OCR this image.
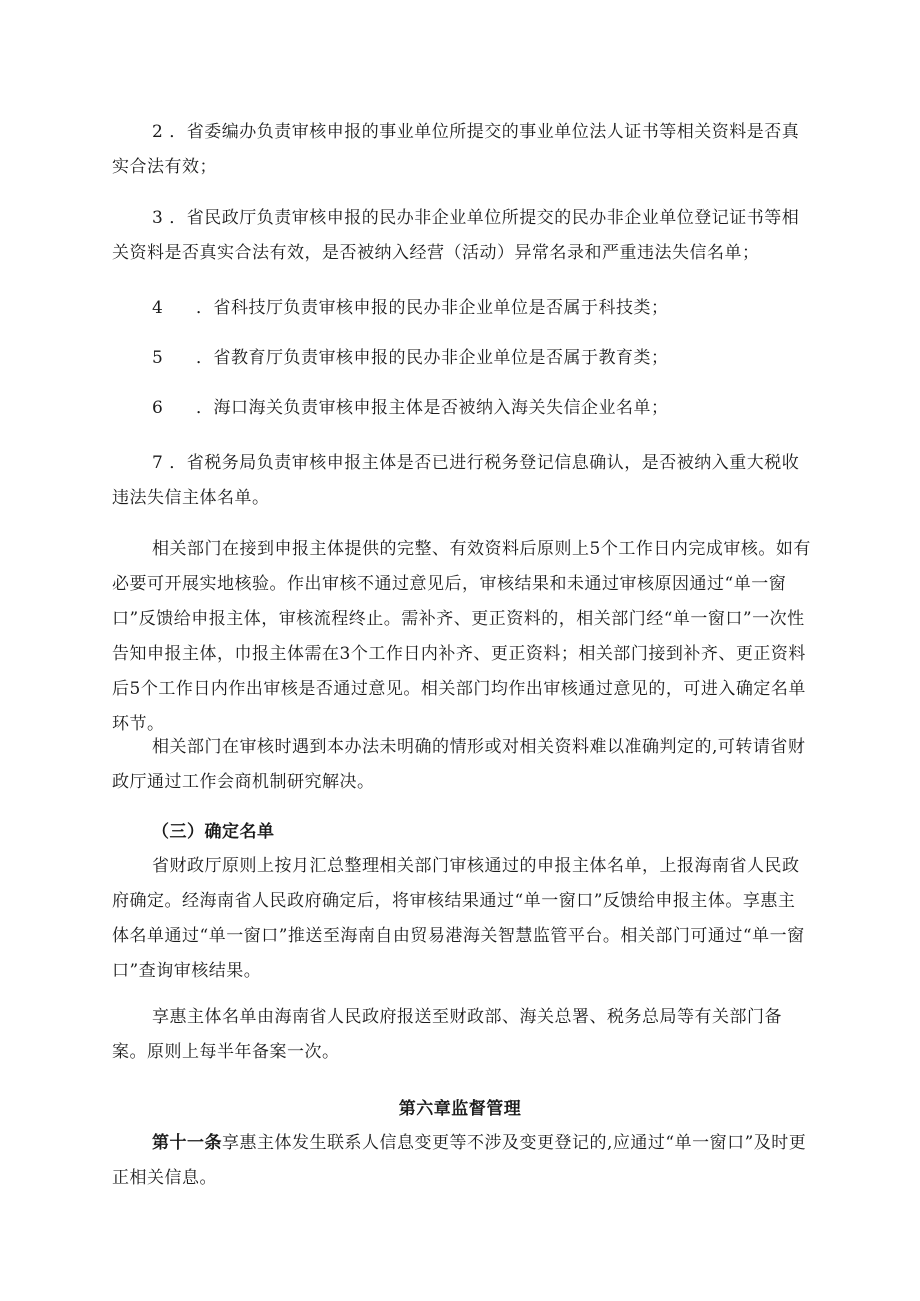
2 ．省委编办负责审核申报的事业单位所提交的事业单位法人证书等相关资料是否真实合法有效；

3 ．省民政厅负责审核申报的民办非企业单位所提交的民办非企业单位登记证书等相关资料是否真实合法有效，是否被纳入经营（活动）异常名录和严重违法失信名单；

4 ．省科技厅负责审核申报的民办非企业单位是否属于科技类；
5 ．省教育厅负责审核申报的民办非企业单位是否属于教育类；
6 ．海口海关负责审核申报主体是否被纳入海关失信企业名单；

7 ．省税务局负责审核申报主体是否已进行税务登记信息确认，是否被纳入重大税收违法失信主体名单。

相关部门在接到申报主体提供的完整、有效资料后原则上5个工作日内完成审核。如有必要可开展实地核验。作出审核不通过意见后，审核结果和未通过审核原因通过“单一窗口”反馈给申报主体，审核流程终止。需补齐、更正资料的，相关部门经“单一窗口”一次性告知申报主体，巾报主体需在3个工作日内补齐、更正资料；相关部门接到补齐、更正资料后5个工作日内作出审核是否通过意见。相关部门均作出审核通过意见的，可进入确定名单环节。

相关部门在审核时遇到本办法未明确的情形或对相关资料难以准确判定的,可转请省财政厅通过工作会商机制研究解决。

（三）确定名单

省财政厅原则上按月汇总整理相关部门审核通过的申报主体名单，上报海南省人民政府确定。经海南省人民政府确定后，将审核结果通过“单一窗口”反馈给申报主体。享惠主体名单通过“单一窗口”推送至海南自由贸易港海关智慧监管平台。相关部门可通过“单一窗口”查询审核结果。

享惠主体名单由海南省人民政府报送至财政部、海关总署、税务总局等有关部门备案。原则上每半年备案一次。

第六章监督管理

第十一条享惠主体发生联系人信息变更等不涉及变更登记的,应通过“单一窗口”及时更正相关信息。
